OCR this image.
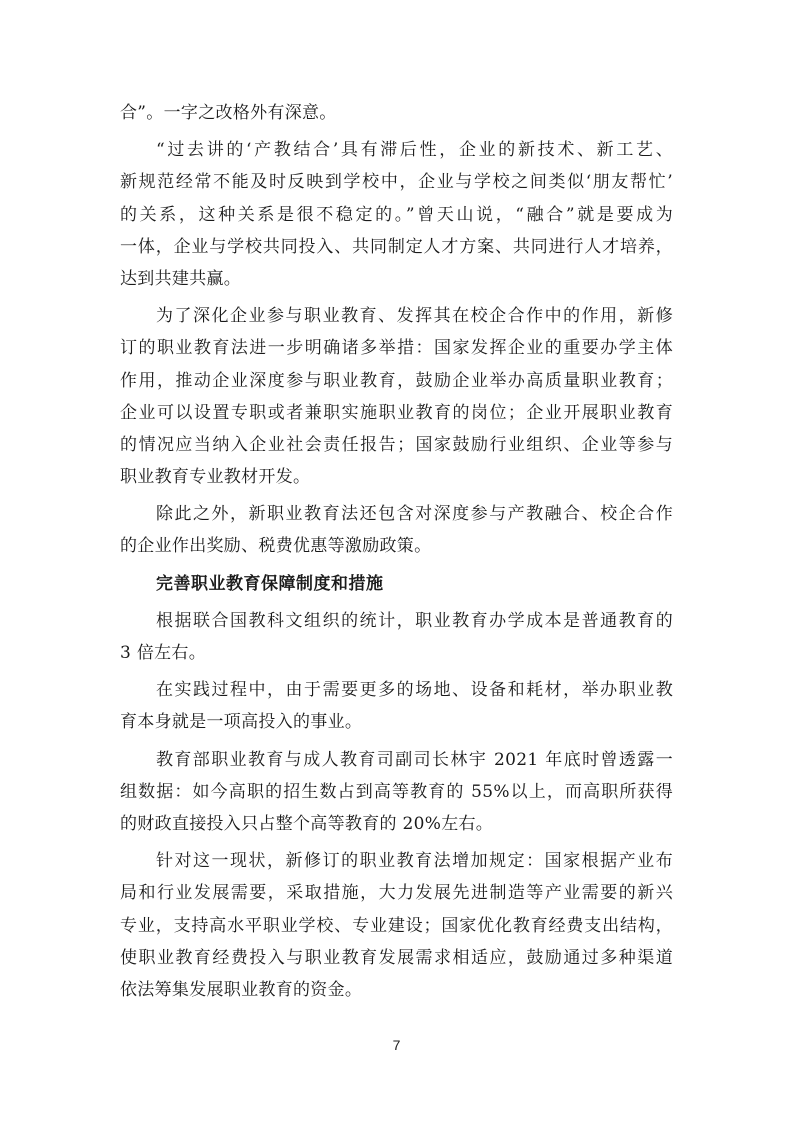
合”。一字之改格外有深意。
“过去讲的‘产教结合’具有滞后性，企业的新技术、新工艺、
新规范经常不能及时反映到学校中，企业与学校之间类似‘朋友帮忙’
的关系，这种关系是很不稳定的。”曾天山说，“融合”就是要成为
一体，企业与学校共同投入、共同制定人才方案、共同进行人才培养，
达到共建共赢。
为了深化企业参与职业教育、发挥其在校企合作中的作用，新修
订的职业教育法进一步明确诸多举措：国家发挥企业的重要办学主体
作用，推动企业深度参与职业教育，鼓励企业举办高质量职业教育；
企业可以设置专职或者兼职实施职业教育的岗位；企业开展职业教育
的情况应当纳入企业社会责任报告；国家鼓励行业组织、企业等参与
职业教育专业教材开发。
除此之外，新职业教育法还包含对深度参与产教融合、校企合作
的企业作出奖励、税费优惠等激励政策。
完善职业教育保障制度和措施
根据联合国教科文组织的统计，职业教育办学成本是普通教育的
3 倍左右。
在实践过程中，由于需要更多的场地、设备和耗材，举办职业教
育本身就是一项高投入的事业。
教育部职业教育与成人教育司副司长林宇 2021 年底时曾透露一
组数据：如今高职的招生数占到高等教育的 55%以上，而高职所获得
的财政直接投入只占整个高等教育的 20%左右。
针对这一现状，新修订的职业教育法增加规定：国家根据产业布
局和行业发展需要，采取措施，大力发展先进制造等产业需要的新兴
专业，支持高水平职业学校、专业建设；国家优化教育经费支出结构，
使职业教育经费投入与职业教育发展需求相适应，鼓励通过多种渠道
依法筹集发展职业教育的资金。
7
